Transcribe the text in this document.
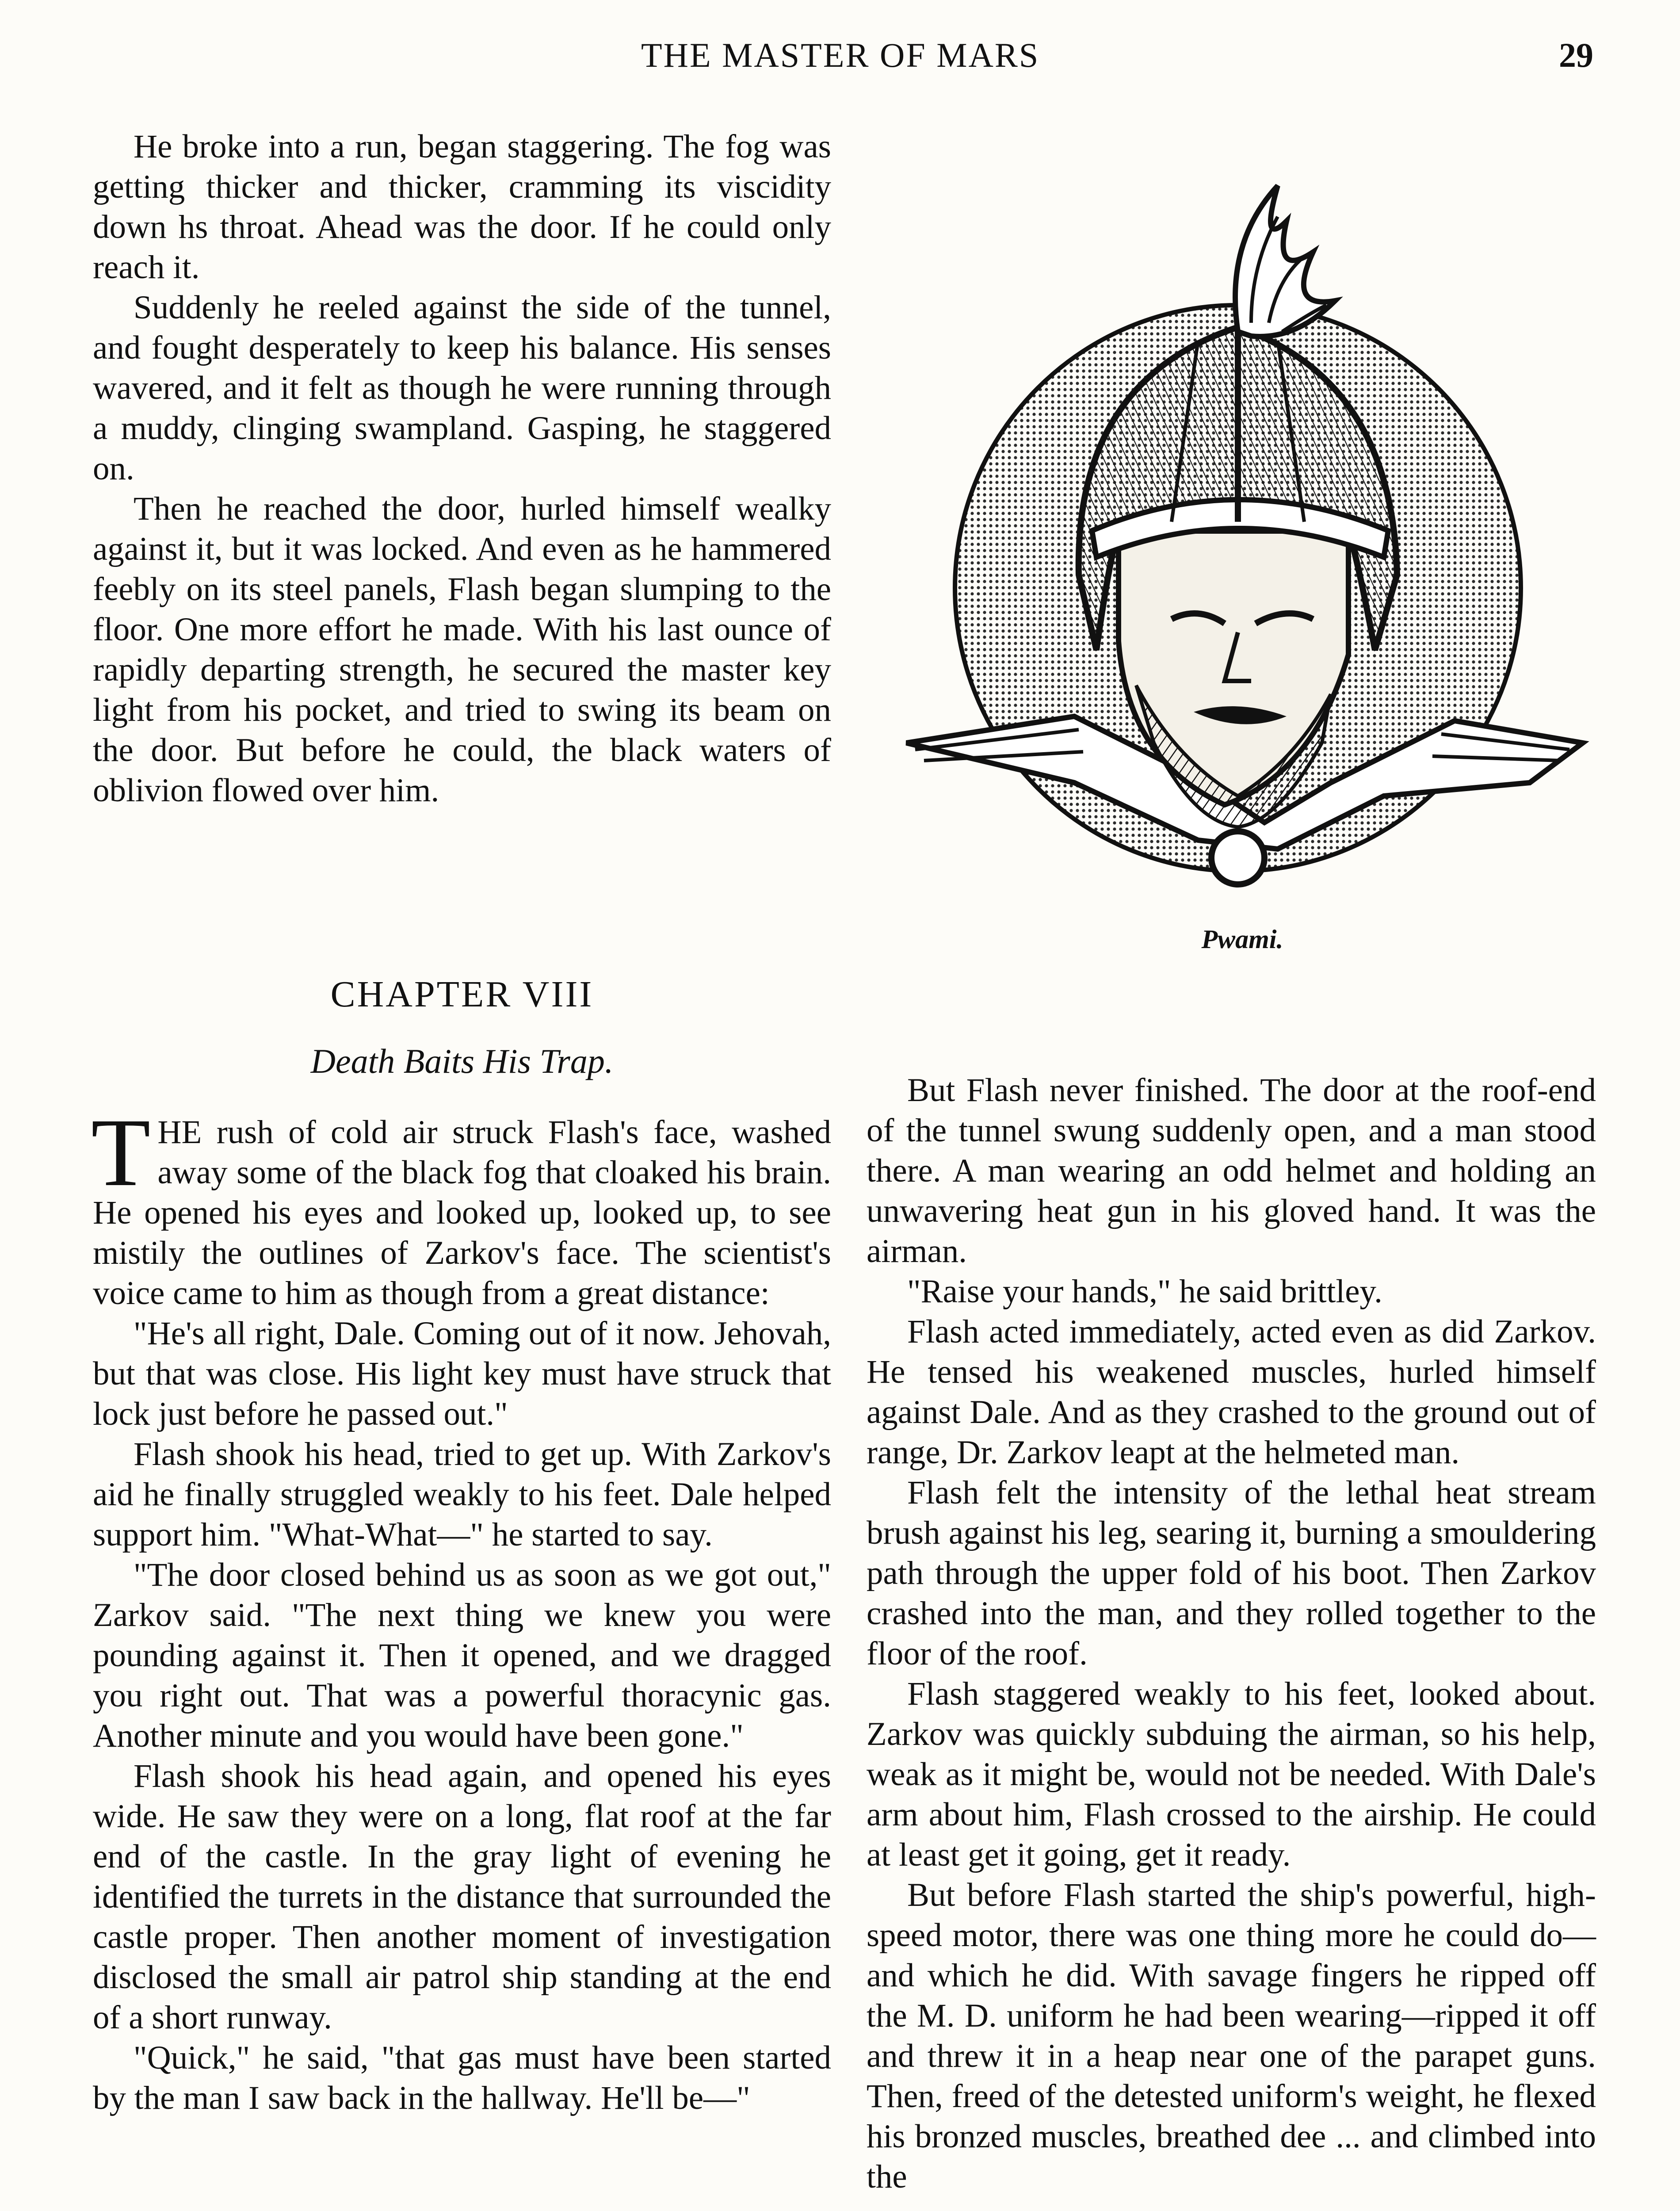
THE MASTER OF MARS	29

He broke into a run, began staggering. The fog was getting thicker and thicker, cramming its viscidity down hs throat. Ahead was the door. If he could only reach it.

Suddenly he reeled against the side of the tunnel, and fought desperately to keep his balance. His senses wavered, and it felt as though he were running through a muddy, clinging swampland. Gasping, he staggered on.

Then he reached the door, hurled himself wealky against it, but it was locked. And even as he hammered feebly on its steel panels, Flash began slumping to the floor. One more effort he made. With his last ounce of rapidly departing strength, he secured the master key light from his pocket, and tried to swing its beam on the door. But before he could, the black waters of oblivion flowed over him.

CHAPTER VIII
Death Baits His Trap.

THE rush of cold air struck Flash's face, washed away some of the black fog that cloaked his brain. He opened his eyes and looked up, looked up, to see mistily the outlines of Zarkov's face. The scientist's voice came to him as though from a great distance:

"He's all right, Dale. Coming out of it now. Jehovah, but that was close. His light key must have struck that lock just before he passed out."

Flash shook his head, tried to get up. With Zarkov's aid he finally struggled weakly to his feet. Dale helped support him. "What-What—" he started to say.

"The door closed behind us as soon as we got out," Zarkov said. "The next thing we knew you were pounding against it. Then it opened, and we dragged you right out. That was a powerful thoracynic gas. Another minute and you would have been gone."

Flash shook his head again, and opened his eyes wide. He saw they were on a long, flat roof at the far end of the castle. In the gray light of evening he identified the turrets in the distance that surrounded the castle proper. Then another moment of investigation disclosed the small air patrol ship standing at the end of a short runway.

"Quick," he said, "that gas must have been started by the man I saw back in the hallway. He'll be—"

Pwami.

But Flash never finished. The door at the roof-end of the tunnel swung suddenly open, and a man stood there. A man wearing an odd helmet and holding an unwavering heat gun in his gloved hand. It was the airman.

"Raise your hands," he said brittley.

Flash acted immediately, acted even as did Zarkov. He tensed his weakened muscles, hurled himself against Dale. And as they crashed to the ground out of range, Dr. Zarkov leapt at the helmeted man.

Flash felt the intensity of the lethal heat stream brush against his leg, searing it, burning a smouldering path through the upper fold of his boot. Then Zarkov crashed into the man, and they rolled together to the floor of the roof.

Flash staggered weakly to his feet, looked about. Zarkov was quickly subduing the airman, so his help, weak as it might be, would not be needed. With Dale's arm about him, Flash crossed to the airship. He could at least get it going, get it ready.

But before Flash started the ship's powerful, high-speed motor, there was one thing more he could do—and which he did. With savage fingers he ripped off the M. D. uniform he had been wearing—ripped it off and threw it in a heap near one of the parapet guns. Then, freed of the detested uniform's weight, he flexed his bronzed muscles, breathed dee ... and climbed into the
